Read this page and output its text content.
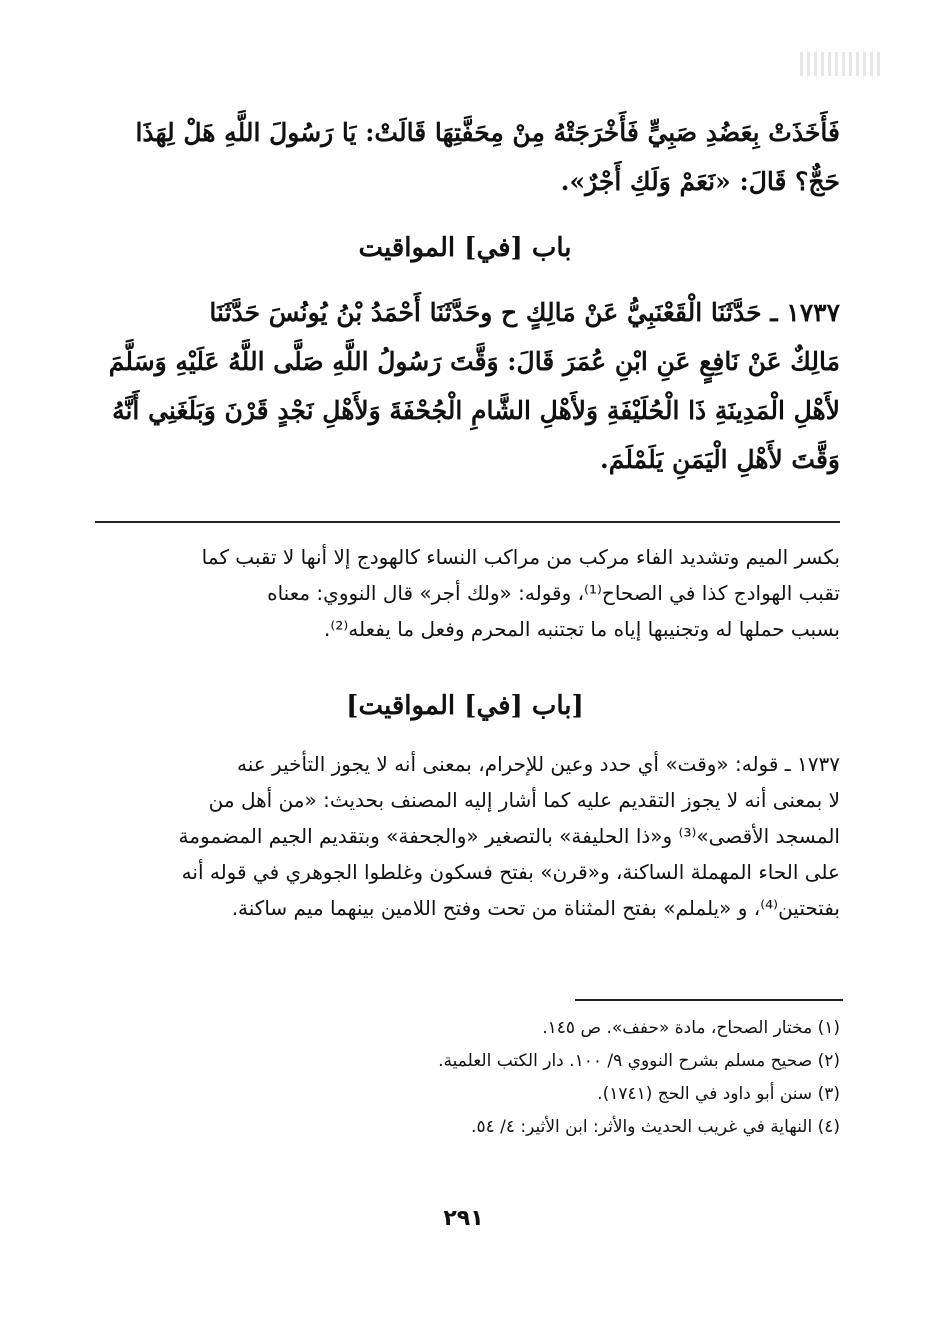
فَأَخَذَتْ بِعَضُدِ صَبِيٍّ فَأَخْرَجَتْهُ مِنْ مِحَفَّتِهَا قَالَتْ: يَا رَسُولَ اللَّهِ هَلْ لِهَذَا

حَجٌّ؟ قَالَ: «نَعَمْ وَلَكِ أَجْرٌ».

باب [في] المواقيت

١٧٣٧ ـ حَدَّثَنَا الْقَعْنَبِيُّ عَنْ مَالِكٍ ح وحَدَّثَنَا أَحْمَدُ بْنُ يُونُسَ حَدَّثَنَا

مَالِكٌ عَنْ نَافِعٍ عَنِ ابْنِ عُمَرَ قَالَ: وَقَّتَ رَسُولُ اللَّهِ صَلَّى اللَّهُ عَلَيْهِ وَسَلَّمَ

لأَهْلِ الْمَدِينَةِ ذَا الْحُلَيْفَةِ وَلأَهْلِ الشَّامِ الْجُحْفَةَ وَلأَهْلِ نَجْدٍ قَرْنَ وَبَلَغَنِي أَنَّهُ

وَقَّتَ لأَهْلِ الْيَمَنِ يَلَمْلَمَ.

بكسر الميم وتشديد الفاء مركب من مراكب النساء كالهودج إلا أنها لا تقبب كما

تقبب الهوادج كذا في الصحاح⁽¹⁾، وقوله: «ولك أجر» قال النووي: معناه

بسبب حملها له وتجنيبها إياه ما تجتنبه المحرم وفعل ما يفعله⁽²⁾.

[باب [في] المواقيت]

١٧٣٧ ـ قوله: «وقت» أي حدد وعين للإحرام، بمعنى أنه لا يجوز التأخير عنه

لا بمعنى أنه لا يجوز التقديم عليه كما أشار إليه المصنف بحديث: «من أهل من

المسجد الأقصى»⁽³⁾ و«ذا الحليفة» بالتصغير «والجحفة» وبتقديم الجيم المضمومة

على الحاء المهملة الساكنة، و«قرن» بفتح فسكون وغلطوا الجوهري في قوله أنه

بفتحتين⁽⁴⁾، و «يلملم» بفتح المثناة من تحت وفتح اللامين بينهما ميم ساكنة.

(١) مختار الصحاح، مادة «حفف». ص ١٤٥.

(٢) صحيح مسلم بشرح النووي ٩/ ١٠٠. دار الكتب العلمية.

(٣) سنن أبو داود في الحج (١٧٤١).

(٤) النهاية في غريب الحديث والأثر: ابن الأثير: ٤/ ٥٤.

٢٩١
